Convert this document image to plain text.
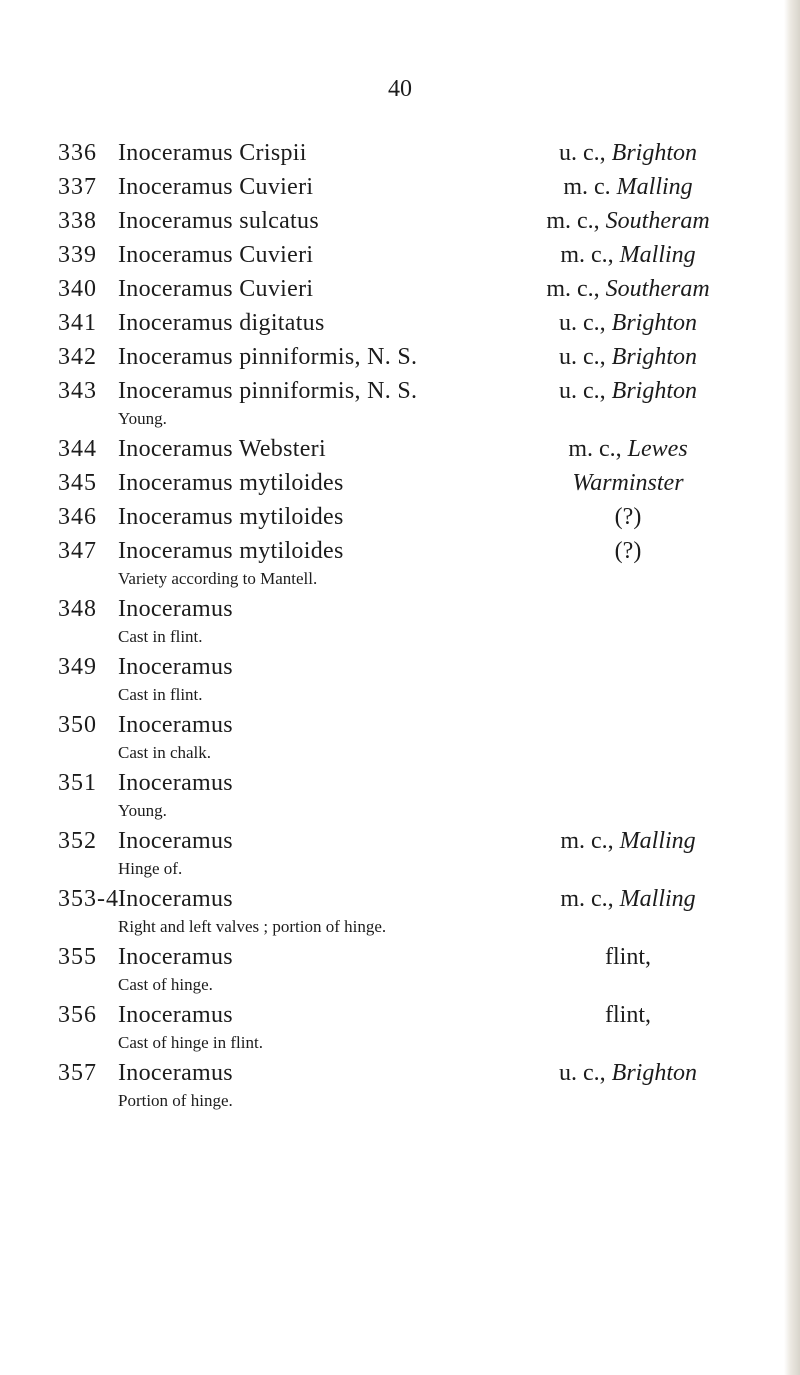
40
336 Inoceramus Crispii	u. c., Brighton
337 Inoceramus Cuvieri	m. c. Malling
338 Inoceramus sulcatus	m. c., Southeram
339 Inoceramus Cuvieri	m. c., Malling
340 Inoceramus Cuvieri	m. c., Southeram
341 Inoceramus digitatus	u. c., Brighton
342 Inoceramus pinniformis, N. S.	u. c., Brighton
343 Inoceramus pinniformis, N. S.	u. c., Brighton
Young.
344 Inoceramus Websteri	m. c., Lewes
345 Inoceramus mytiloides	Warminster
346 Inoceramus mytiloides	(?)
347 Inoceramus mytiloides	(?)
Variety according to Mantell.
348 Inoceramus
Cast in flint.
349 Inoceramus
Cast in flint.
350 Inoceramus
Cast in chalk.
351 Inoceramus
Young.
352 Inoceramus	m. c., Malling
Hinge of.
353-4 Inoceramus	m. c., Malling
Right and left valves ; portion of hinge.
355 Inoceramus	flint,
Cast of hinge.
356 Inoceramus	flint,
Cast of hinge in flint.
357 Inoceramus	u. c., Brighton
Portion of hinge.
